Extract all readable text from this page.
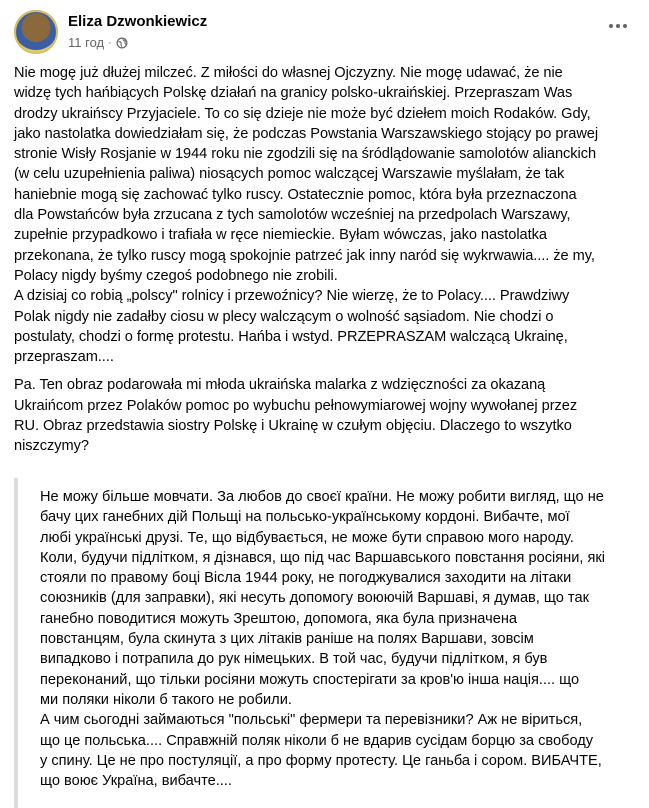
Eliza Dzwonkiewicz
11 год ·

Nie mogę już dłużej milczeć. Z miłości do własnej Ojczyzny. Nie mogę udawać, że nie
widzę tych hańbiących Polskę działań na granicy polsko-ukraińskiej. Przepraszam Was
drodzy ukraińscy Przyjaciele. To co się dzieje nie może być dziełem moich Rodaków. Gdy,
jako nastolatka dowiedziałam się, że podczas Powstania Warszawskiego stojący po prawej
stronie Wisły Rosjanie w 1944 roku nie zgodzili się na śródlądowanie samolotów alianckich
(w celu uzupełnienia paliwa) niosących pomoc walczącej Warszawie myślałam, że tak
haniebnie mogą się zachować tylko ruscy. Ostatecznie pomoc, która była przeznaczona
dla Powstańców była zrzucana z tych samolotów wcześniej na przedpolach Warszawy,
zupełnie przypadkowo i trafiała w ręce niemieckie. Byłam wówczas, jako nastolatka
przekonana, że tylko ruscy mogą spokojnie patrzeć jak inny naród się wykrwawia.... że my,
Polacy nigdy byśmy czegoś podobnego nie zrobili.
A dzisiaj co robią „polscy" rolnicy i przewoźnicy? Nie wierzę, że to Polacy.... Prawdziwy
Polak nigdy nie zadałby ciosu w plecy walczącym o wolność sąsiadom. Nie chodzi o
postulaty, chodzi o formę protestu. Hańba i wstyd. PRZEPRASZAM walczącą Ukrainę,
przepraszam....

Pa. Ten obraz podarowała mi młoda ukraińska malarka z wdzięczności za okazaną
Ukraińcom przez Polaków pomoc po wybuchu pełnowymiarowej wojny wywołanej przez
RU. Obraz przedstawia siostry Polskę i Ukrainę w czułym objęciu. Dlaczego to wszytko
niszczymy?

Не можу більше мовчати. За любов до своєї країни. Не можу робити вигляд, що не
бачу цих ганебних дій Польщі на польсько-українському кордоні. Вибачте, мої
любі українські друзі. Те, що відбувається, не може бути справою мого народу.
Коли, будучи підлітком, я дізнався, що під час Варшавського повстання росіяни, які
стояли по правому боці Вісла 1944 року, не погоджувалися заходити на літаки
союзників (для заправки), які несуть допомогу воюючій Варшаві, я думав, що так
ганебно поводитися можуть Зрештою, допомога, яка була призначена
повстанцям, була скинута з цих літаків раніше на полях Варшави, зовсім
випадково і потрапила до рук німецьких. В той час, будучи підлітком, я був
переконаний, що тільки росіяни можуть спостерігати за кров'ю інша нація.... що
ми поляки ніколи б такого не робили.
А чим сьогодні займаються "польські" фермери та перевізники? Аж не віриться,
що це польська.... Справжній поляк ніколи б не вдарив сусідам борцю за свободу
у спину. Це не про постуляції, а про форму протесту. Це ганьба і сором. ВИБАЧТЕ,
що воює Україна, вибачте....
